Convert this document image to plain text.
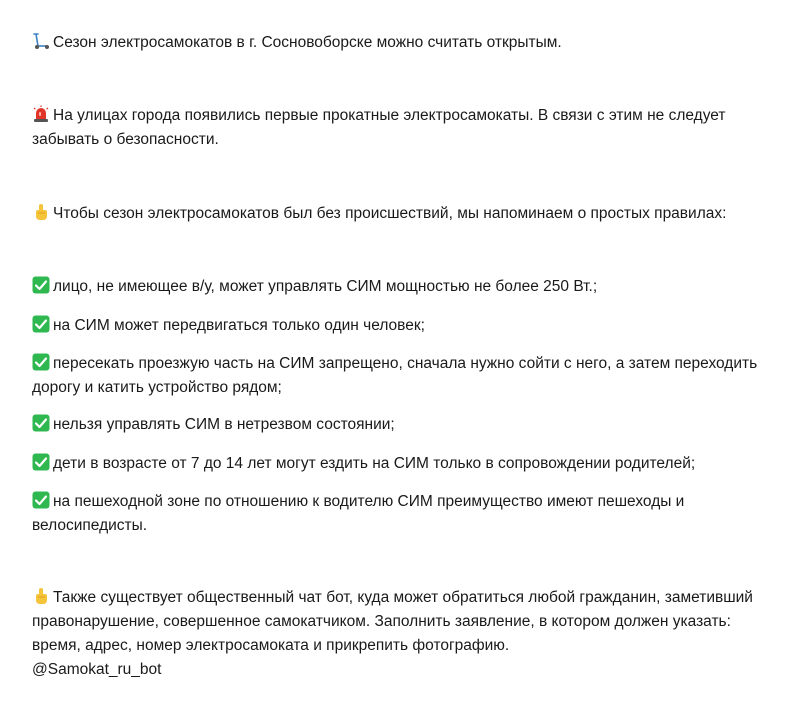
Сезон электросамокатов в г. Сосновоборске можно считать открытым.

На улицах города появились первые прокатные электросамокаты. В связи с этим не следует забывать о безопасности.

Чтобы сезон электросамокатов был без происшествий, мы напоминаем о простых правилах:

лицо, не имеющее в/у, может управлять СИМ мощностью не более 250 Вт.;

на СИМ может передвигаться только один человек;

пересекать проезжую часть на СИМ запрещено, сначала нужно сойти с него, а затем переходить дорогу и катить устройство рядом;

нельзя управлять СИМ в нетрезвом состоянии;

дети в возрасте от 7 до 14 лет могут ездить на СИМ только в сопровождении родителей;

на пешеходной зоне по отношению к водителю СИМ преимущество имеют пешеходы и велосипедисты.

Также существует общественный чат бот, куда может обратиться любой гражданин, заметивший правонарушение, совершенное самокатчиком. Заполнить заявление, в котором должен указать: время, адрес, номер электросамоката и прикрепить фотографию.
@Samokat_ru_bot
